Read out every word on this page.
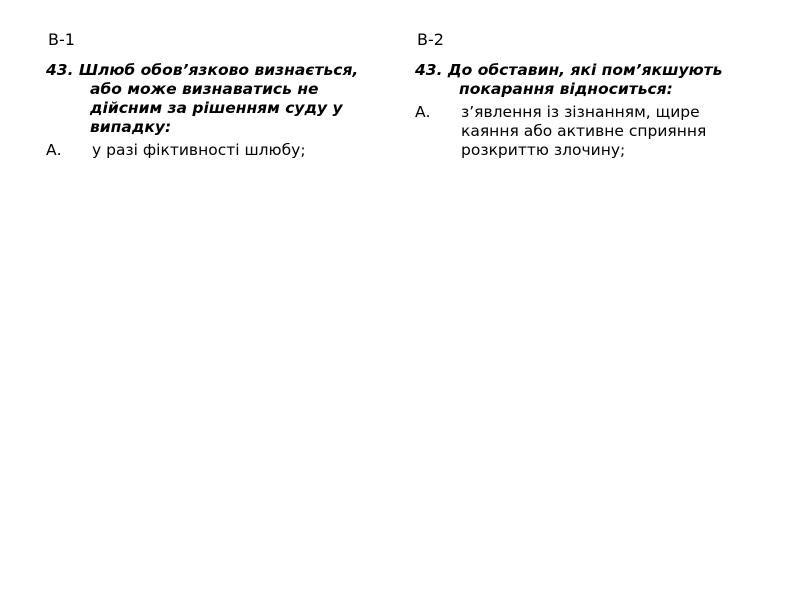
В-1
43. Шлюб обов’язково визнається, або може визнаватись не дійсним за рішенням суду у випадку:
А.	у разі фіктивності шлюбу;
В-2
43. До обставин, які пом’якшують покарання відноситься:
А.	з’явлення із зізнанням, щире каяння або активне сприяння розкриттю злочину;
